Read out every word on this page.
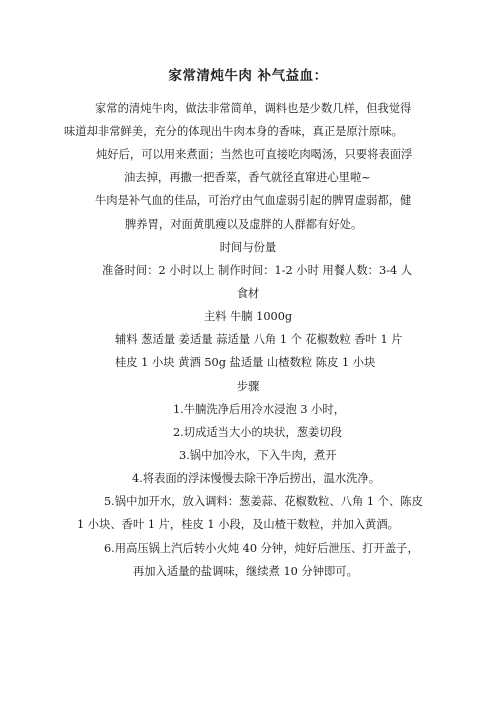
家常清炖牛肉 补气益血：
家常的清炖牛肉，做法非常简单，调料也是少数几样，但我觉得
味道却非常鲜美，充分的体现出牛肉本身的香味，真正是原汁原味。
炖好后，可以用来煮面；当然也可直接吃肉喝汤，只要将表面浮
油去掉，再撒一把香菜，香气就径直窜进心里啦~
牛肉是补气血的佳品，可治疗由气血虚弱引起的脾胃虚弱都，健
脾养胃，对面黄肌瘦以及虚胖的人群都有好处。
时间与份量
准备时间：2 小时以上 制作时间：1-2 小时 用餐人数：3-4 人
食材
主料 牛腩 1000g
辅料 葱适量 姜适量 蒜适量 八角 1 个 花椒数粒 香叶 1 片
桂皮 1 小块 黄酒 50g 盐适量 山楂数粒 陈皮 1 小块
步骤
1.牛腩洗净后用冷水浸泡 3 小时，
2.切成适当大小的块状，葱姜切段
3.锅中加冷水，下入牛肉，煮开
4.将表面的浮沫慢慢去除干净后捞出，温水洗净。
5.锅中加开水，放入调料：葱姜蒜、花椒数粒、八角 1 个、陈皮
1 小块、香叶 1 片，桂皮 1 小段，及山楂干数粒，并加入黄酒。
6.用高压锅上汽后转小火炖 40 分钟，炖好后泄压、打开盖子，
再加入适量的盐调味，继续煮 10 分钟即可。
